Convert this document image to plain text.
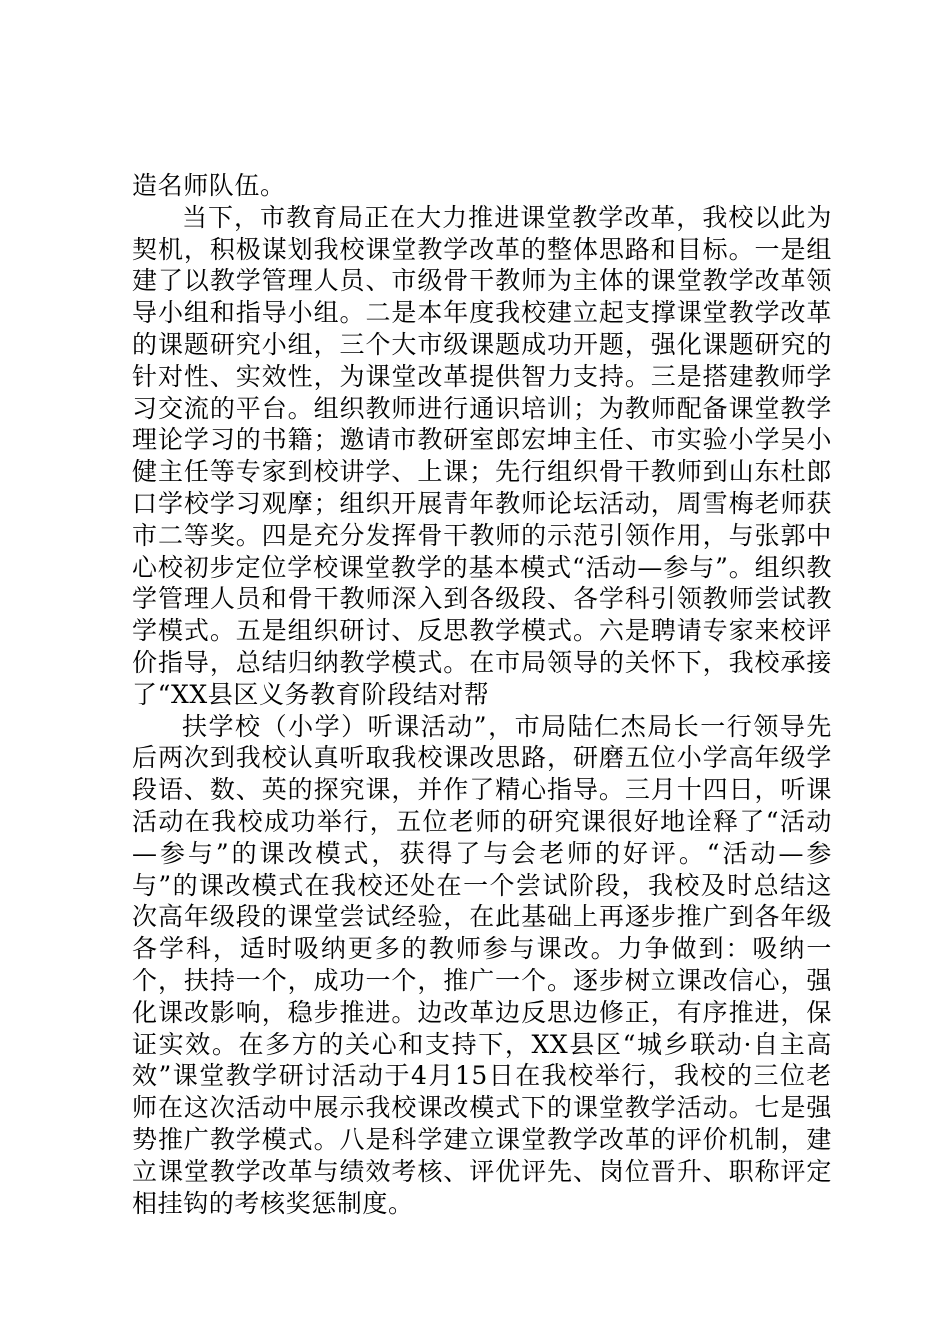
造名师队伍。

当下，市教育局正在大力推进课堂教学改革，我校以此为契机，积极谋划我校课堂教学改革的整体思路和目标。一是组建了以教学管理人员、市级骨干教师为主体的课堂教学改革领导小组和指导小组。二是本年度我校建立起支撑课堂教学改革的课题研究小组，三个大市级课题成功开题，强化课题研究的针对性、实效性，为课堂改革提供智力支持。三是搭建教师学习交流的平台。组织教师进行通识培训；为教师配备课堂教学理论学习的书籍；邀请市教研室郎宏坤主任、市实验小学吴小健主任等专家到校讲学、上课；先行组织骨干教师到山东杜郎口学校学习观摩；组织开展青年教师论坛活动，周雪梅老师获市二等奖。四是充分发挥骨干教师的示范引领作用，与张郭中心校初步定位学校课堂教学的基本模式“活动—参与”。组织教学管理人员和骨干教师深入到各级段、各学科引领教师尝试教学模式。五是组织研讨、反思教学模式。六是聘请专家来校评价指导，总结归纳教学模式。在市局领导的关怀下，我校承接了“XX县区义务教育阶段结对帮

扶学校（小学）听课活动”，市局陆仁杰局长一行领导先后两次到我校认真听取我校课改思路，研磨五位小学高年级学段语、数、英的探究课，并作了精心指导。三月十四日，听课活动在我校成功举行，五位老师的研究课很好地诠释了“活动—参与”的课改模式，获得了与会老师的好评。“活动—参与”的课改模式在我校还处在一个尝试阶段，我校及时总结这次高年级段的课堂尝试经验，在此基础上再逐步推广到各年级各学科，适时吸纳更多的教师参与课改。力争做到：吸纳一个，扶持一个，成功一个，推广一个。逐步树立课改信心，强化课改影响，稳步推进。边改革边反思边修正，有序推进，保证实效。在多方的关心和支持下，XX县区“城乡联动·自主高效”课堂教学研讨活动于4月15日在我校举行，我校的三位老师在这次活动中展示我校课改模式下的课堂教学活动。七是强势推广教学模式。八是科学建立课堂教学改革的评价机制，建立课堂教学改革与绩效考核、评优评先、岗位晋升、职称评定相挂钩的考核奖惩制度。
